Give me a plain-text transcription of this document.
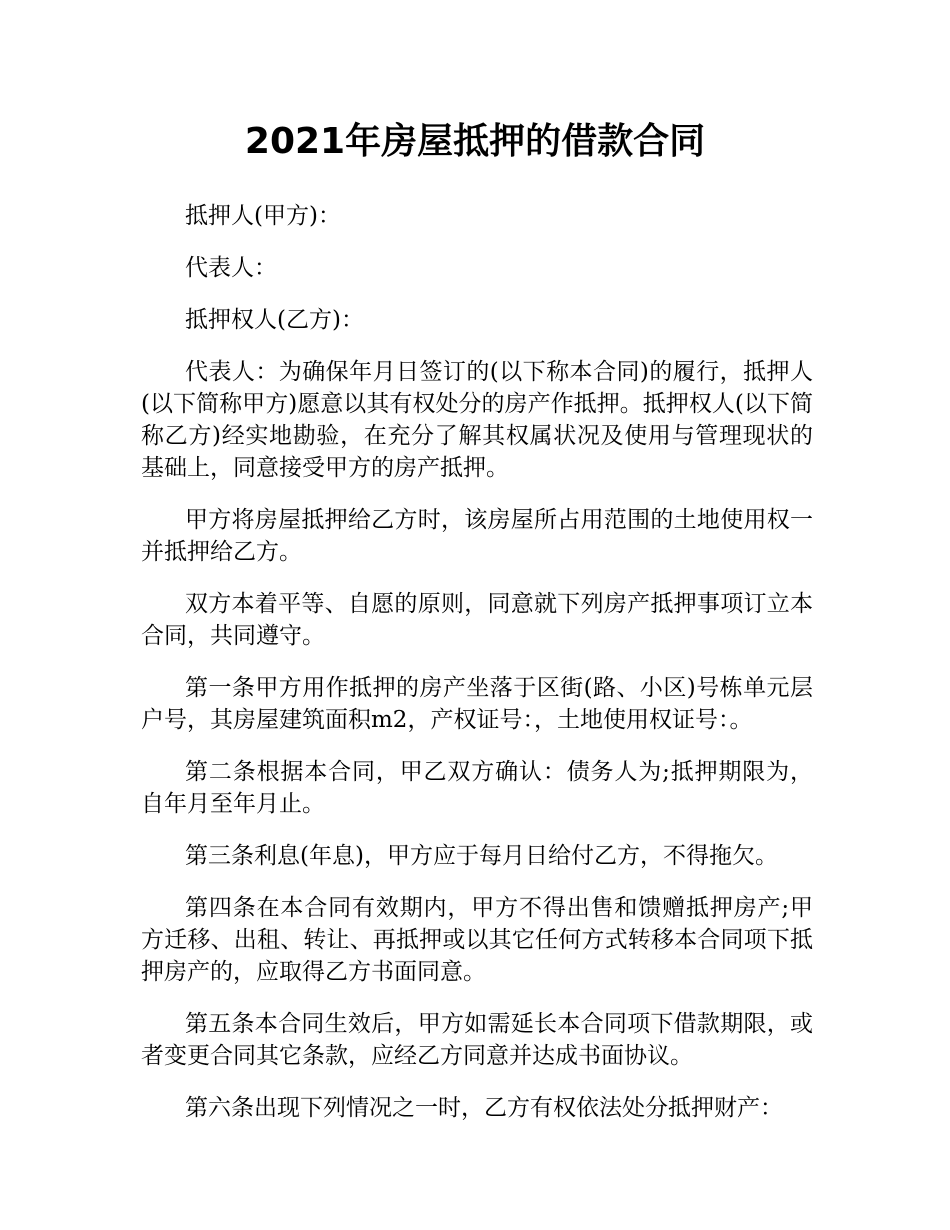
2021年房屋抵押的借款合同

抵押人(甲方)：

代表人：

抵押权人(乙方)：

代表人：为确保年月日签订的(以下称本合同)的履行，抵押人(以下简称甲方)愿意以其有权处分的房产作抵押。抵押权人(以下简称乙方)经实地勘验，在充分了解其权属状况及使用与管理现状的基础上，同意接受甲方的房产抵押。

甲方将房屋抵押给乙方时，该房屋所占用范围的土地使用权一并抵押给乙方。

双方本着平等、自愿的原则，同意就下列房产抵押事项订立本合同，共同遵守。

第一条甲方用作抵押的房产坐落于区街(路、小区)号栋单元层户号，其房屋建筑面积m2，产权证号：，土地使用权证号：。

第二条根据本合同，甲乙双方确认：债务人为;抵押期限为，自年月至年月止。

第三条利息(年息)，甲方应于每月日给付乙方，不得拖欠。

第四条在本合同有效期内，甲方不得出售和馈赠抵押房产;甲方迁移、出租、转让、再抵押或以其它任何方式转移本合同项下抵押房产的，应取得乙方书面同意。

第五条本合同生效后，甲方如需延长本合同项下借款期限，或者变更合同其它条款，应经乙方同意并达成书面协议。

第六条出现下列情况之一时，乙方有权依法处分抵押财产：
